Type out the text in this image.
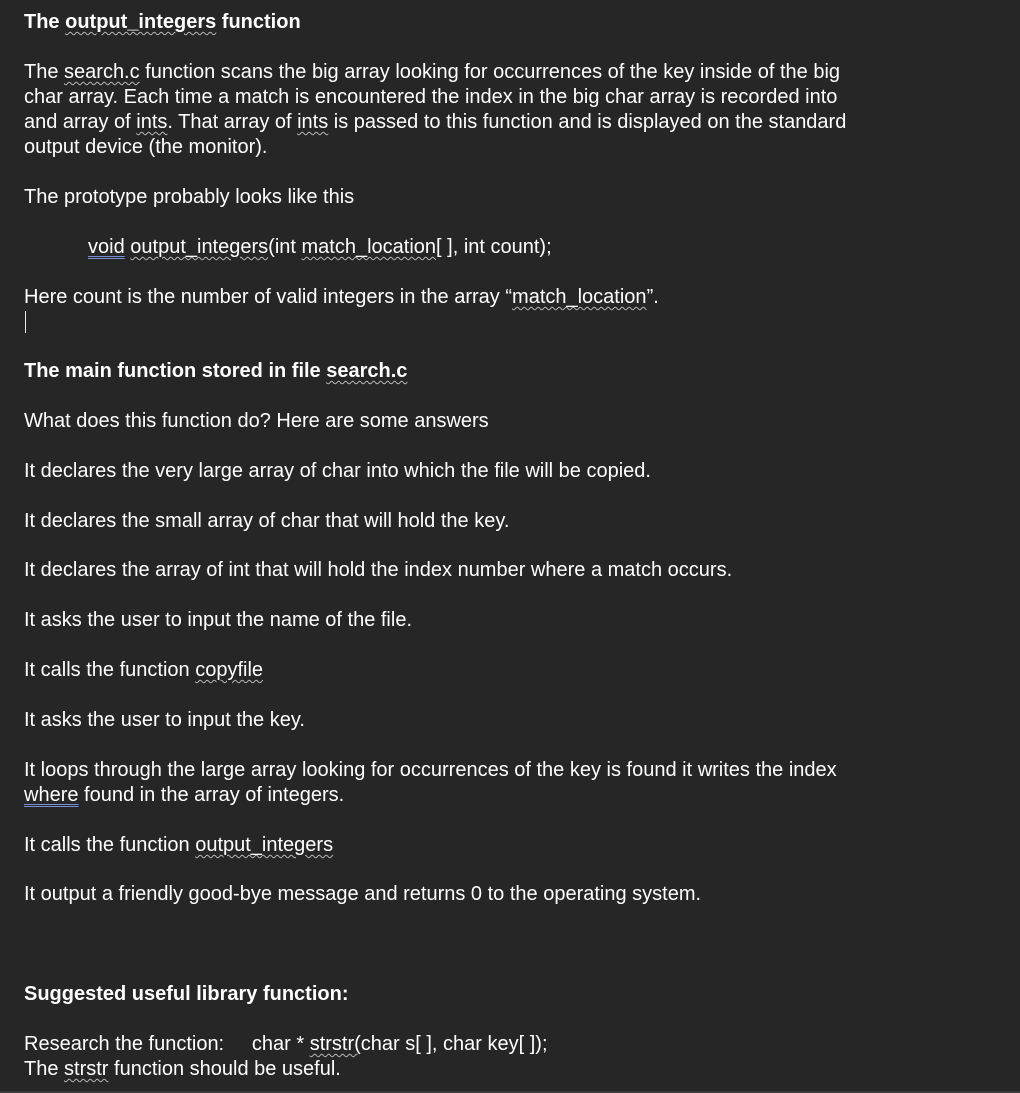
The output_integers function
The search.c function scans the big array looking for occurrences of the key inside of the big
char array. Each time a match is encountered the index in the big char array is recorded into
and array of ints. That array of ints is passed to this function and is displayed on the standard
output device (the monitor).
The prototype probably looks like this
void output_integers(int match_location[ ], int count);
Here count is the number of valid integers in the array “match_location”.
The main function stored in file search.c
What does this function do? Here are some answers
It declares the very large array of char into which the file will be copied.
It declares the small array of char that will hold the key.
It declares the array of int that will hold the index number where a match occurs.
It asks the user to input the name of the file.
It calls the function copyfile
It asks the user to input the key.
It loops through the large array looking for occurrences of the key is found it writes the index
where found in the array of integers.
It calls the function output_integers
It output a friendly good-bye message and returns 0 to the operating system.
Suggested useful library function:
Research the function:     char * strstr(char s[ ], char key[ ]);
The strstr function should be useful.
